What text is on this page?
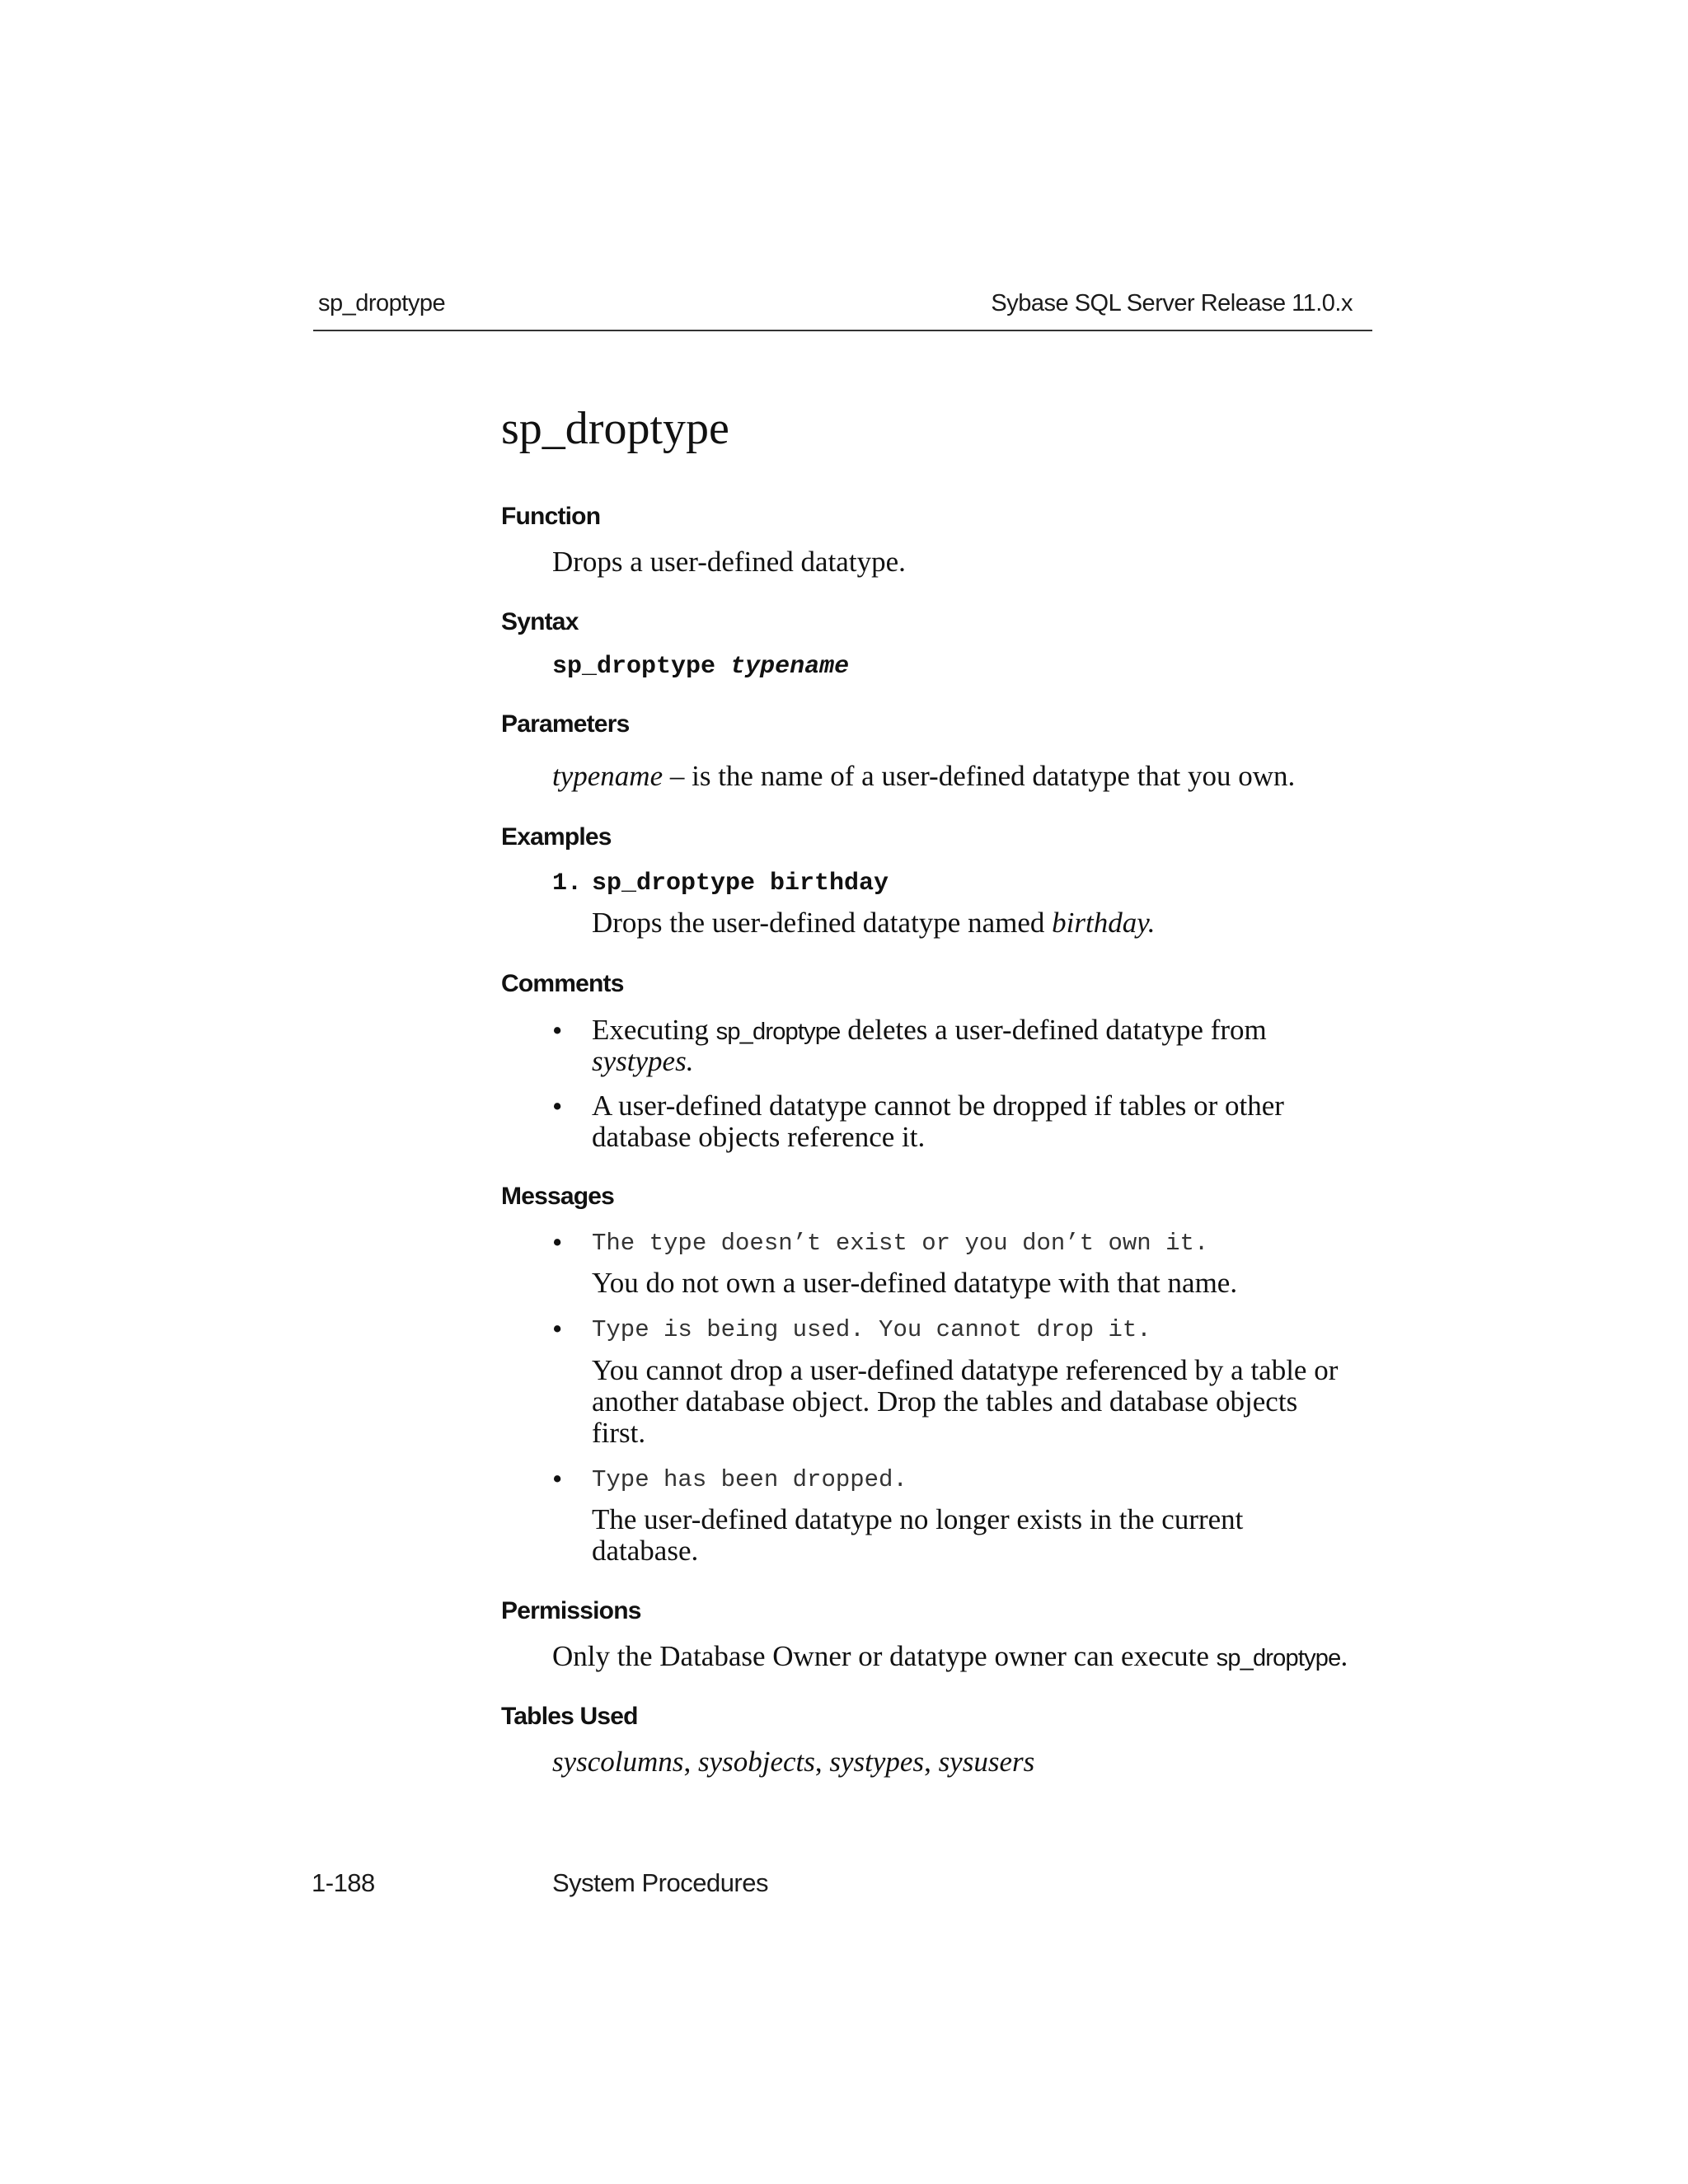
sp_droptype	Sybase SQL Server Release 11.0.x
sp_droptype
Function
Drops a user-defined datatype.
Syntax
sp_droptype typename
Parameters
typename – is the name of a user-defined datatype that you own.
Examples
1. sp_droptype birthday
Drops the user-defined datatype named birthday.
Comments
• Executing sp_droptype deletes a user-defined datatype from
systypes.
• A user-defined datatype cannot be dropped if tables or other
database objects reference it.
Messages
• The type doesn’t exist or you don’t own it.
You do not own a user-defined datatype with that name.
• Type is being used. You cannot drop it.
You cannot drop a user-defined datatype referenced by a table or
another database object. Drop the tables and database objects
first.
• Type has been dropped.
The user-defined datatype no longer exists in the current
database.
Permissions
Only the Database Owner or datatype owner can execute sp_droptype.
Tables Used
syscolumns, sysobjects, systypes, sysusers
1-188	System Procedures
